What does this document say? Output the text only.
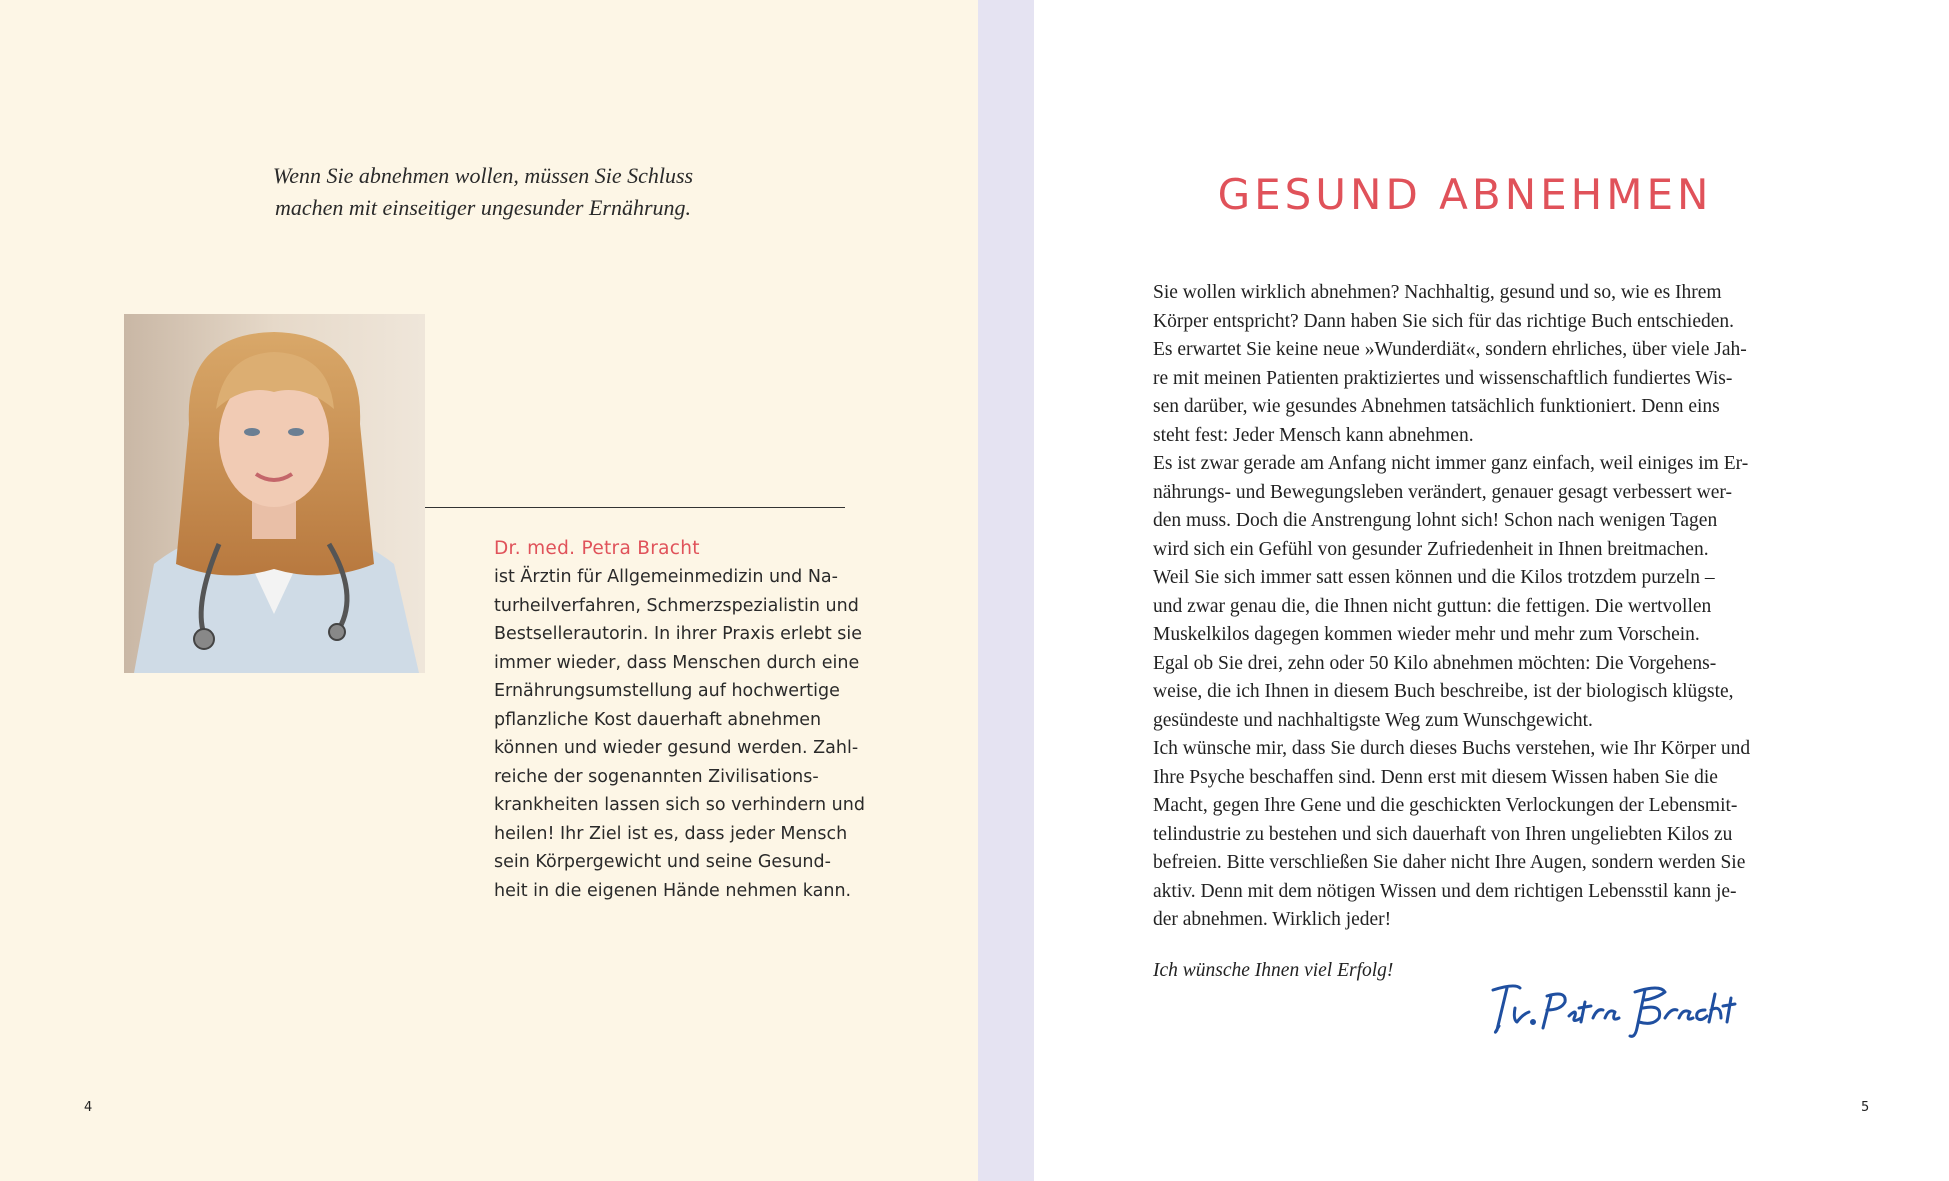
Wenn Sie abnehmen wollen, müssen Sie Schluss

machen mit einseitiger ungesunder Ernährung.

Dr. med. Petra Bracht

ist Ärztin für Allgemeinmedizin und Na-

turheilverfahren, Schmerzspezialistin und

Bestsellerautorin. In ihrer Praxis erlebt sie

immer wieder, dass Menschen durch eine

Ernährungsumstellung auf hochwertige

pflanzliche Kost dauerhaft abnehmen

können und wieder gesund werden. Zahl-

reiche der sogenannten Zivilisations-

krankheiten lassen sich so verhindern und

heilen! Ihr Ziel ist es, dass jeder Mensch

sein Körpergewicht und seine Gesund-

heit in die eigenen Hände nehmen kann.

4
GESUND ABNEHMEN

Sie wollen wirklich abnehmen? Nachhaltig, gesund und so, wie es Ihrem

Körper entspricht? Dann haben Sie sich für das richtige Buch entschieden.

Es erwartet Sie keine neue »Wunderdiät«, sondern ehrliches, über viele Jah-

re mit meinen Patienten praktiziertes und wissenschaftlich fundiertes Wis-

sen darüber, wie gesundes Abnehmen tatsächlich funktioniert. Denn eins

steht fest: Jeder Mensch kann abnehmen.

Es ist zwar gerade am Anfang nicht immer ganz einfach, weil einiges im Er-

nährungs- und Bewegungsleben verändert, genauer gesagt verbessert wer-

den muss. Doch die Anstrengung lohnt sich! Schon nach wenigen Tagen

wird sich ein Gefühl von gesunder Zufriedenheit in Ihnen breitmachen.

Weil Sie sich immer satt essen können und die Kilos trotzdem purzeln –

und zwar genau die, die Ihnen nicht guttun: die fettigen. Die wertvollen

Muskelkilos dagegen kommen wieder mehr und mehr zum Vorschein.

Egal ob Sie drei, zehn oder 50 Kilo abnehmen möchten: Die Vorgehens-

weise, die ich Ihnen in diesem Buch beschreibe, ist der biologisch klügste,

gesündeste und nachhaltigste Weg zum Wunschgewicht.

Ich wünsche mir, dass Sie durch dieses Buchs verstehen, wie Ihr Körper und

Ihre Psyche beschaffen sind. Denn erst mit diesem Wissen haben Sie die

Macht, gegen Ihre Gene und die geschickten Verlockungen der Lebensmit-

telindustrie zu bestehen und sich dauerhaft von Ihren ungeliebten Kilos zu

befreien. Bitte verschließen Sie daher nicht Ihre Augen, sondern werden Sie

aktiv. Denn mit dem nötigen Wissen und dem richtigen Lebensstil kann je-

der abnehmen. Wirklich jeder!

Ich wünsche Ihnen viel Erfolg!
5
